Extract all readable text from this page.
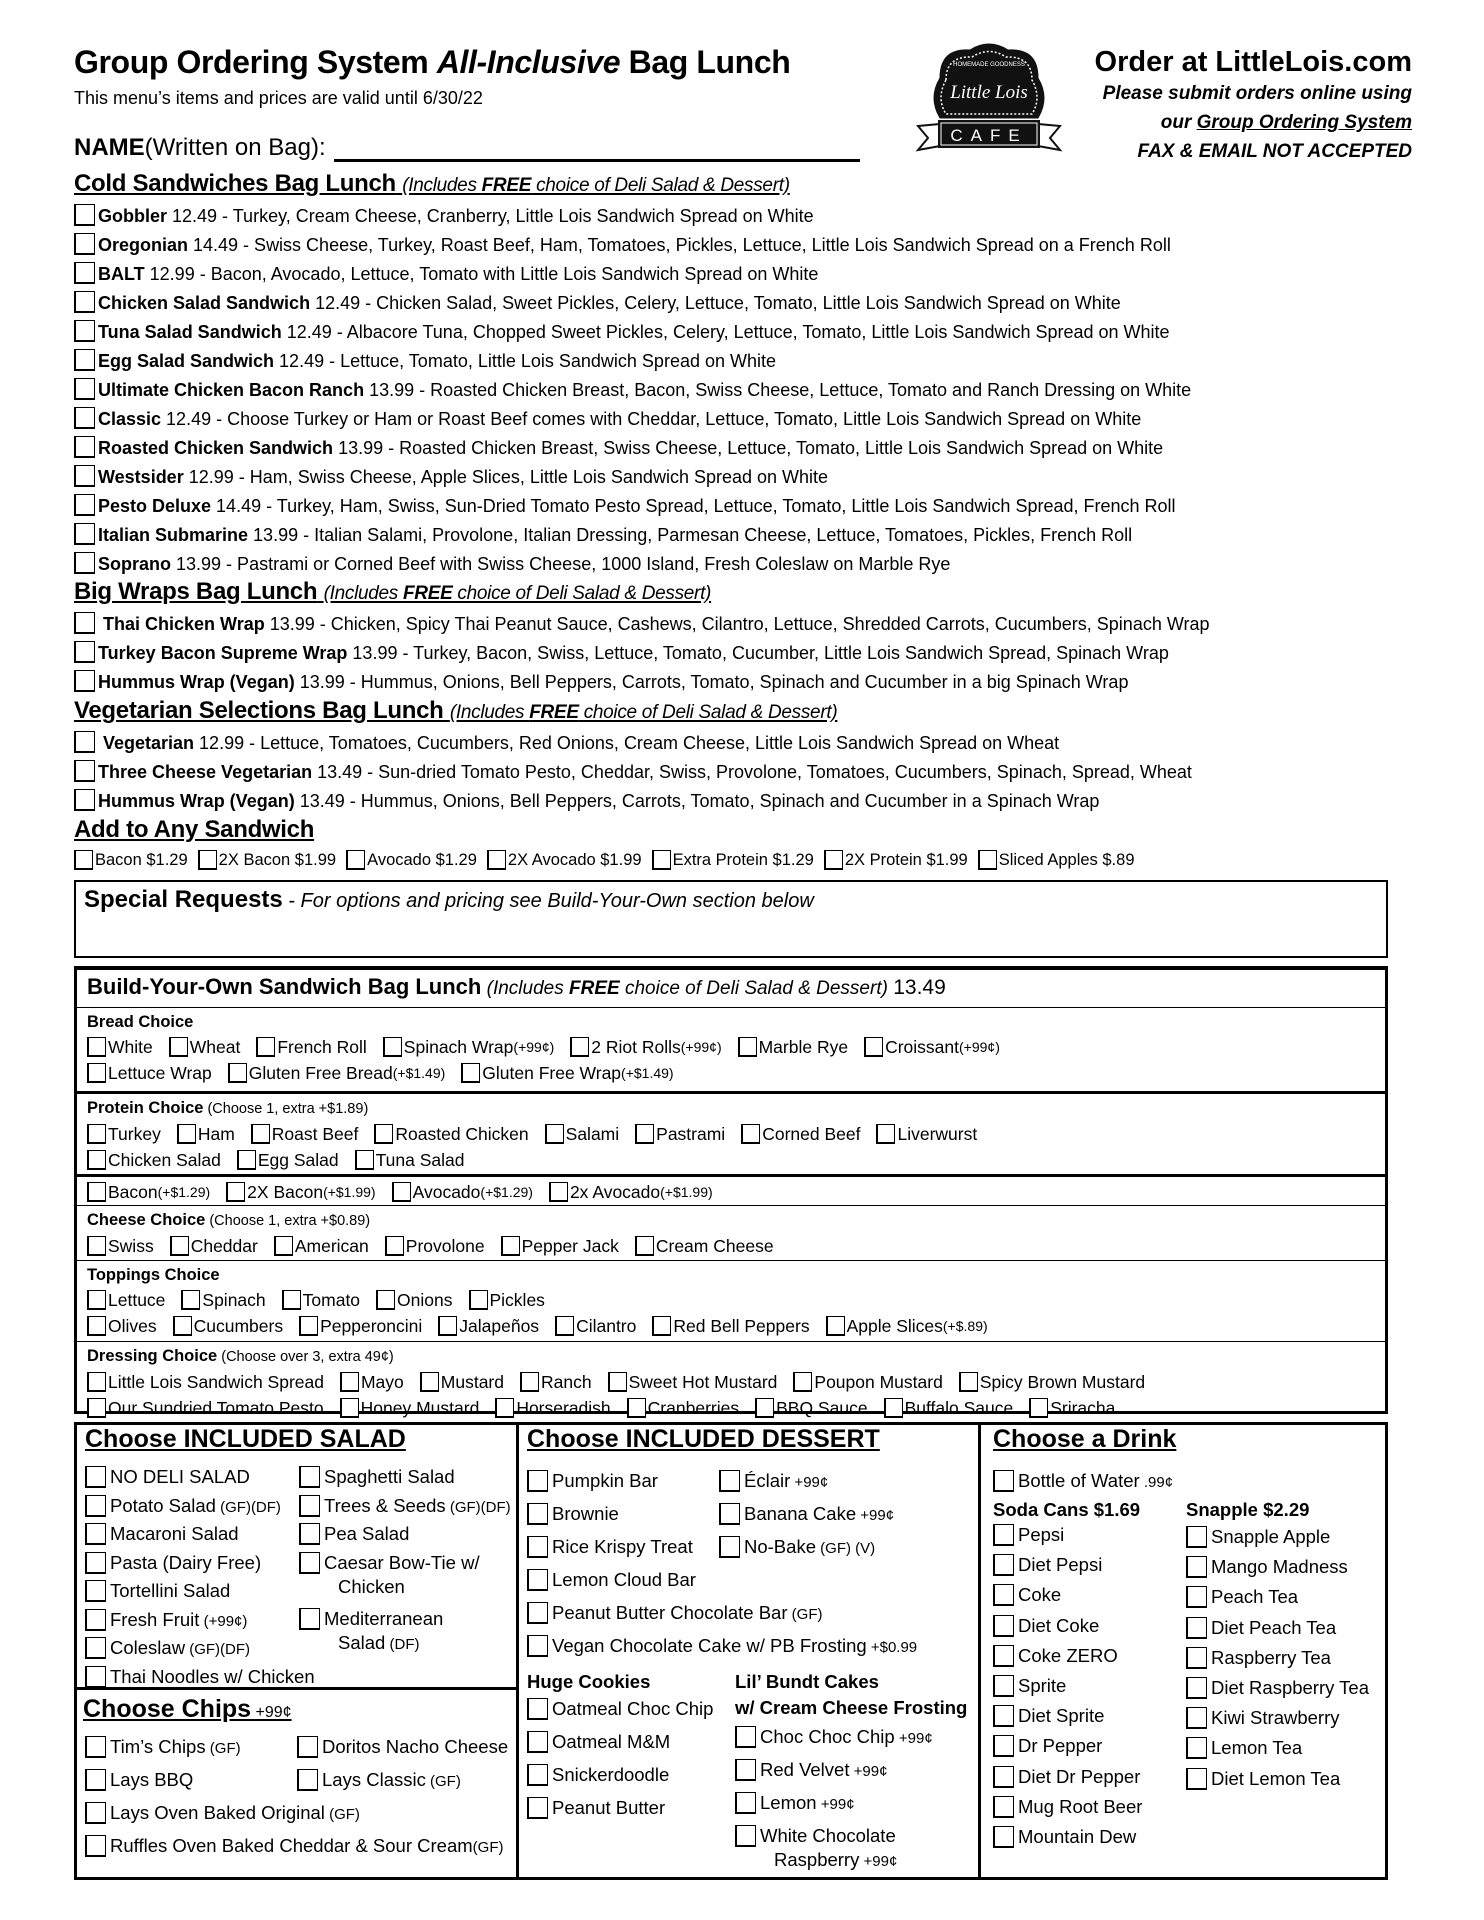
Group Ordering System All-Inclusive Bag Lunch
This menu’s items and prices are valid until 6/30/22
NAME (Written on Bag):
HOMEMADE GOODNESS
Little Lois
CAFE
Order at LittleLois.com
Please submit orders online using
our Group Ordering System
FAX & EMAIL NOT ACCEPTED
Cold Sandwiches Bag Lunch (Includes FREE choice of Deli Salad & Dessert)
Gobbler 12.49 - Turkey, Cream Cheese, Cranberry, Little Lois Sandwich Spread on White
Oregonian 14.49 - Swiss Cheese, Turkey, Roast Beef, Ham, Tomatoes, Pickles, Lettuce, Little Lois Sandwich Spread on a French Roll
BALT 12.99 - Bacon, Avocado, Lettuce, Tomato with Little Lois Sandwich Spread on White
Chicken Salad Sandwich 12.49 - Chicken Salad, Sweet Pickles, Celery, Lettuce, Tomato, Little Lois Sandwich Spread on White
Tuna Salad Sandwich 12.49 - Albacore Tuna, Chopped Sweet Pickles, Celery, Lettuce, Tomato, Little Lois Sandwich Spread on White
Egg Salad Sandwich 12.49 - Lettuce, Tomato, Little Lois Sandwich Spread on White
Ultimate Chicken Bacon Ranch 13.99 - Roasted Chicken Breast, Bacon, Swiss Cheese, Lettuce, Tomato and Ranch Dressing on White
Classic 12.49 - Choose Turkey or Ham or Roast Beef comes with Cheddar, Lettuce, Tomato, Little Lois Sandwich Spread on White
Roasted Chicken Sandwich 13.99 - Roasted Chicken Breast, Swiss Cheese, Lettuce, Tomato, Little Lois Sandwich Spread on White
Westsider 12.99 - Ham, Swiss Cheese, Apple Slices, Little Lois Sandwich Spread on White
Pesto Deluxe 14.49 - Turkey, Ham, Swiss, Sun-Dried Tomato Pesto Spread, Lettuce, Tomato, Little Lois Sandwich Spread, French Roll
Italian Submarine 13.99 - Italian Salami, Provolone, Italian Dressing, Parmesan Cheese, Lettuce, Tomatoes, Pickles, French Roll
Soprano 13.99 - Pastrami or Corned Beef with Swiss Cheese, 1000 Island, Fresh Coleslaw on Marble Rye
Big Wraps Bag Lunch (Includes FREE choice of Deli Salad & Dessert)
Thai Chicken Wrap 13.99 - Chicken, Spicy Thai Peanut Sauce, Cashews, Cilantro, Lettuce, Shredded Carrots, Cucumbers, Spinach Wrap
Turkey Bacon Supreme Wrap 13.99 - Turkey, Bacon, Swiss, Lettuce, Tomato, Cucumber, Little Lois Sandwich Spread, Spinach Wrap
Hummus Wrap (Vegan) 13.99 - Hummus, Onions, Bell Peppers, Carrots, Tomato, Spinach and Cucumber in a big Spinach Wrap
Vegetarian Selections Bag Lunch (Includes FREE choice of Deli Salad & Dessert)
Vegetarian 12.99 - Lettuce, Tomatoes, Cucumbers, Red Onions, Cream Cheese, Little Lois Sandwich Spread on Wheat
Three Cheese Vegetarian 13.49 - Sun-dried Tomato Pesto, Cheddar, Swiss, Provolone, Tomatoes, Cucumbers, Spinach, Spread, Wheat
Hummus Wrap (Vegan) 13.49 - Hummus, Onions, Bell Peppers, Carrots, Tomato, Spinach and Cucumber in a Spinach Wrap
Add to Any Sandwich
Bacon $1.29 2X Bacon $1.99 Avocado $1.29 2X Avocado $1.99 Extra Protein $1.29 2X Protein $1.99 Sliced Apples $.89
Special Requests - For options and pricing see Build-Your-Own section below
Build-Your-Own Sandwich Bag Lunch (Includes FREE choice of Deli Salad & Dessert) 13.49
Bread Choice
White Wheat French Roll Spinach Wrap (+99¢) 2 Riot Rolls (+99¢) Marble Rye Croissant (+99¢)
Lettuce Wrap Gluten Free Bread (+$1.49) Gluten Free Wrap (+$1.49)
Protein Choice (Choose 1, extra +$1.89)
Turkey Ham Roast Beef Roasted Chicken Salami Pastrami Corned Beef Liverwurst
Chicken Salad Egg Salad Tuna Salad
Bacon (+$1.29) 2X Bacon (+$1.99) Avocado (+$1.29) 2x Avocado (+$1.99)
Cheese Choice (Choose 1, extra +$0.89)
Swiss Cheddar American Provolone Pepper Jack Cream Cheese
Toppings Choice
Lettuce Spinach Tomato Onions Pickles
Olives Cucumbers Pepperoncini Jalapeños Cilantro Red Bell Peppers Apple Slices (+$.89)
Dressing Choice (Choose over 3, extra 49¢)
Little Lois Sandwich Spread Mayo Mustard Ranch Sweet Hot Mustard Poupon Mustard Spicy Brown Mustard
Our Sundried Tomato Pesto Honey Mustard Horseradish Cranberries BBQ Sauce Buffalo Sauce Sriracha
Choose INCLUDED SALAD
NO DELI SALAD
Potato Salad (GF)(DF)
Macaroni Salad
Pasta (Dairy Free)
Tortellini Salad
Fresh Fruit (+99¢)
Coleslaw (GF)(DF)
Thai Noodles w/ Chicken
Spaghetti Salad
Trees & Seeds (GF)(DF)
Pea Salad
Caesar Bow-Tie w/
Chicken
Mediterranean
Salad (DF)
Choose Chips +99¢
Tim’s Chips (GF)	Doritos Nacho Cheese
Lays BBQ	Lays Classic (GF)
Lays Oven Baked Original (GF)
Ruffles Oven Baked Cheddar & Sour Cream(GF)
Choose INCLUDED DESSERT
Pumpkin Bar
Brownie
Rice Krispy Treat
Éclair +99¢
Banana Cake +99¢
No-Bake (GF) (V)
Lemon Cloud Bar
Peanut Butter Chocolate Bar (GF)
Vegan Chocolate Cake w/ PB Frosting +$0.99
Huge Cookies
Oatmeal Choc Chip
Oatmeal M&M
Snickerdoodle
Peanut Butter
Lil’ Bundt Cakes
w/ Cream Cheese Frosting
Choc Choc Chip +99¢
Red Velvet +99¢
Lemon +99¢
White Chocolate
Raspberry +99¢
Choose a Drink
Bottle of Water .99¢
Soda Cans $1.69 Snapple $2.29
Pepsi
Diet Pepsi
Coke
Diet Coke
Coke ZERO
Sprite
Diet Sprite
Dr Pepper
Diet Dr Pepper
Mug Root Beer
Mountain Dew
Snapple Apple
Mango Madness
Peach Tea
Diet Peach Tea
Raspberry Tea
Diet Raspberry Tea
Kiwi Strawberry
Lemon Tea
Diet Lemon Tea
